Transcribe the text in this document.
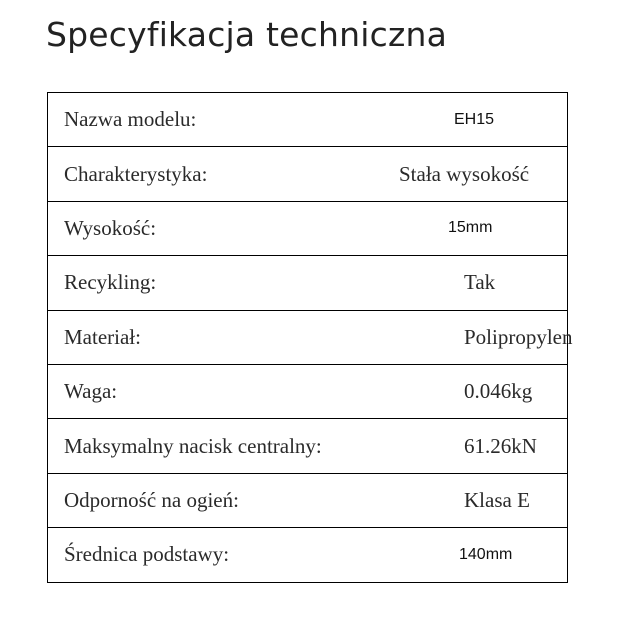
Specyfikacja techniczna
Nazwa modelu:	EH15
Charakterystyka:	Stała wysokość
Wysokość:	15mm
Recykling:	Tak
Materiał:	Polipropylen
Waga:	0.046kg
Maksymalny nacisk centralny:	61.26kN
Odporność na ogień:	Klasa E
Średnica podstawy:	140mm
